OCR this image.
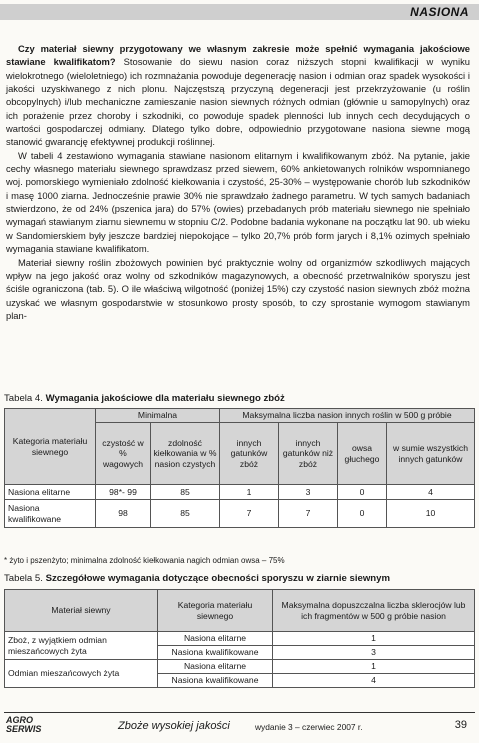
NASIONA

Czy materiał siewny przygotowany we własnym zakresie może spełnić wymagania jakościowe stawiane kwalifikatom? Stosowanie do siewu nasion coraz niższych stopni kwalifikacji w wyniku wielokrotnego (wieloletniego) ich rozmnażania powoduje degenerację nasion i odmian oraz spadek wysokości i jakości uzyskiwanego z nich plonu. Najczęstszą przyczyną degeneracji jest przekrzyżowanie (u roślin obcopylnych) i/lub mechaniczne zamieszanie nasion siewnych różnych odmian (głównie u samopylnych) oraz ich porażenie przez choroby i szkodniki, co powoduje spadek plenności lub innych cech decydujących o wartości gospodarczej odmiany. Dlatego tylko dobre, odpowiednio przygotowane nasiona siewne mogą stanowić gwarancję efektywnej produkcji roślinnej.

W tabeli 4 zestawiono wymagania stawiane nasionom elitarnym i kwalifikowanym zbóż. Na pytanie, jakie cechy własnego materiału siewnego sprawdzasz przed siewem, 60% ankietowanych rolników wspomnianego woj. pomorskiego wymieniało zdolność kiełkowania i czystość, 25-30% – występowanie chorób lub szkodników i masę 1000 ziarna. Jednocześnie prawie 30% nie sprawdzało żadnego parametru. W tych samych badaniach stwierdzono, że od 24% (pszenica jara) do 57% (owies) przebadanych prób materiału siewnego nie spełniało wymagań stawianym ziarnu siewnemu w stopniu C/2. Podobne badania wykonane na początku lat 90. ub wieku w Sandomierskiem były jeszcze bardziej niepokojące – tylko 20,7% prób form jarych i 8,1% ozimych spełniało wymagania stawiane kwalifikatom.

Materiał siewny roślin zbożowych powinien być praktycznie wolny od organizmów szkodliwych mających wpływ na jego jakość oraz wolny od szkodników magazynowych, a obecność przetrwalników sporyszu jest ściśle ograniczona (tab. 5). O ile właściwą wilgotność (poniżej 15%) czy czystość nasion siewnych zbóż można uzyskać we własnym gospodarstwie w stosunkowo prosty sposób, to czy sprostanie wymogom stawianym plan-

Tabela 4. Wymagania jakościowe dla materiału siewnego zbóż
Kategoria materiału siewnego	Minimalna		Maksymalna liczba nasion innych roślin w 500 g próbie			
	czystość w % wagowych	zdolność kiełkowania w % nasion czystych	innych gatunków zbóż	innych gatunków niż zbóż	owsa głuchego	w sumie wszystkich innych gatunków
Nasiona elitarne	98*- 99	85	1	3	0	4
Nasiona kwalifikowane	98	85	7	7	0	10
* żyto i pszenżyto; minimalna zdolność kiełkowania nagich odmian owsa – 75%
Tabela 5. Szczegółowe wymagania dotyczące obecności sporyszu w ziarnie siewnym
Materiał siewny	Kategoria materiału siewnego	Maksymalna dopuszczalna liczba sklerocjów lub ich fragmentów w 500 g próbie nasion
Zboż, z wyjątkiem odmian mieszańcowych żyta	Nasiona elitarne	1
	Nasiona kwalifikowane	3
Odmian mieszańcowych żyta	Nasiona elitarne	1
	Nasiona kwalifikowane	4
AGRO
SERWIS	Zboże wysokiej jakości	wydanie 3 – czerwiec 2007 r.	39
